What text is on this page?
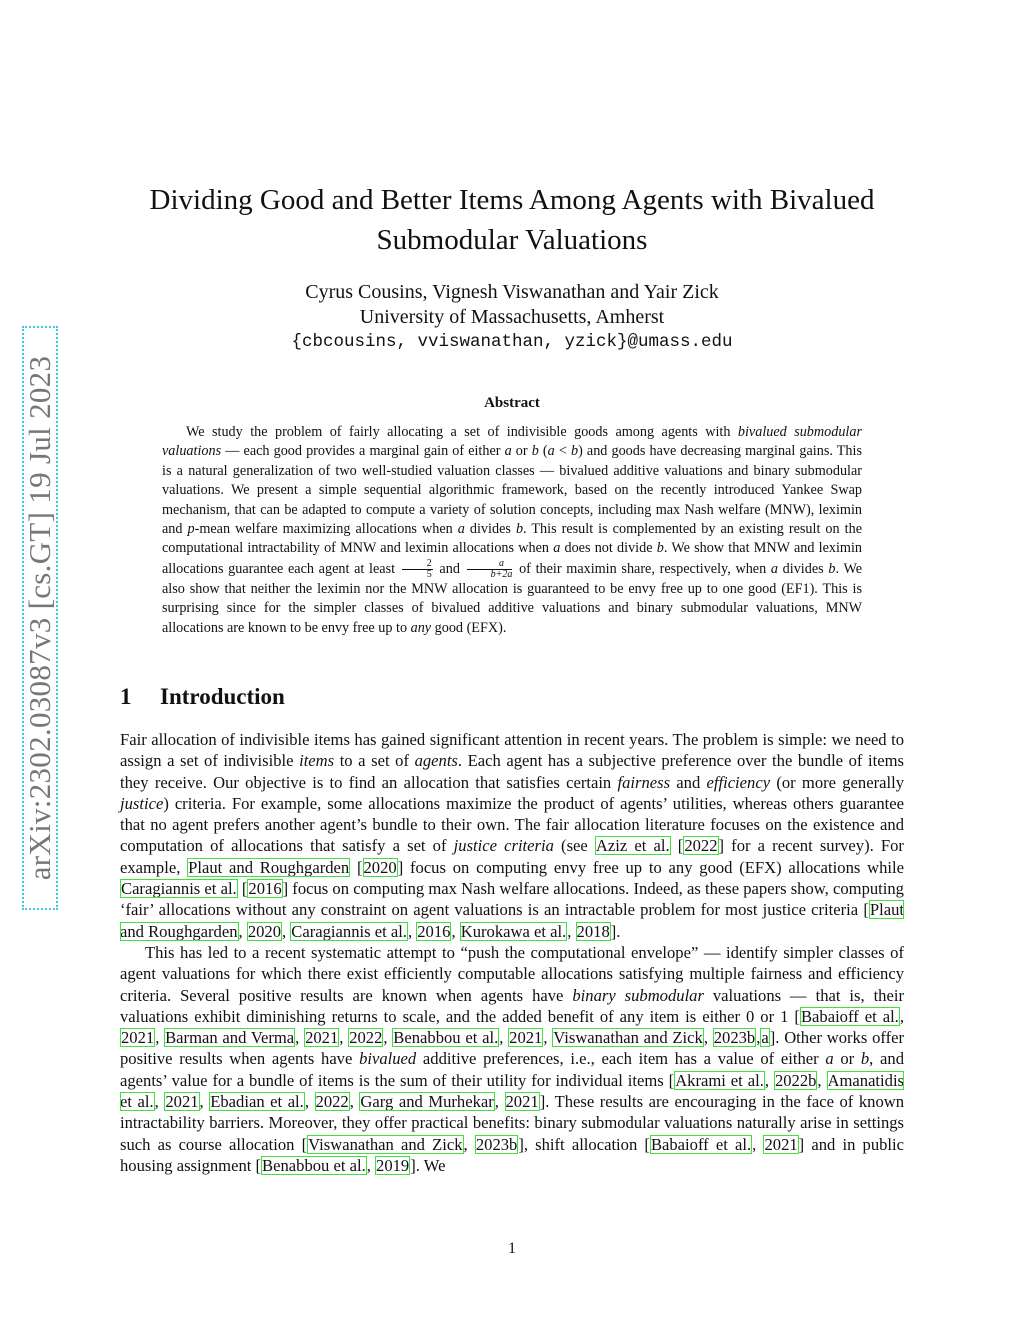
arXiv:2302.03087v3 [cs.GT] 19 Jul 2023
Dividing Good and Better Items Among Agents with Bivalued
Submodular Valuations
Cyrus Cousins, Vignesh Viswanathan and Yair Zick
University of Massachusetts, Amherst
{cbcousins, vviswanathan, yzick}@umass.edu
Abstract

We study the problem of fairly allocating a set of indivisible goods among agents with bivalued submodular valuations — each good provides a marginal gain of either a or b (a < b) and goods have decreasing marginal gains. This is a natural generalization of two well-studied valuation classes — bivalued additive valuations and binary submodular valuations. We present a simple sequential algorithmic framework, based on the recently introduced Yankee Swap mechanism, that can be adapted to compute a variety of solution concepts, including max Nash welfare (MNW), leximin and p-mean welfare maximizing allocations when a divides b. This result is complemented by an existing result on the computational intractability of MNW and leximin allocations when a does not divide b. We show that MNW and leximin allocations guarantee each agent at least $\frac{2}{5}$ and $\frac{a}{b+2a}$ of their maximin share, respectively, when a divides b. We also show that neither the leximin nor the MNW allocation is guaranteed to be envy free up to one good (EF1). This is surprising since for the simpler classes of bivalued additive valuations and binary submodular valuations, MNW allocations are known to be envy free up to any good (EFX).

1 Introduction

Fair allocation of indivisible items has gained significant attention in recent years. The problem is simple: we need to assign a set of indivisible items to a set of agents. Each agent has a subjective preference over the bundle of items they receive. Our objective is to find an allocation that satisfies certain fairness and efficiency (or more generally justice) criteria. For example, some allocations maximize the product of agents’ utilities, whereas others guarantee that no agent prefers another agent’s bundle to their own. The fair allocation literature focuses on the existence and computation of allocations that satisfy a set of justice criteria (see Aziz et al. [2022] for a recent survey). For example, Plaut and Roughgarden [2020] focus on computing envy free up to any good (EFX) allocations while Caragiannis et al. [2016] focus on computing max Nash welfare allocations. Indeed, as these papers show, computing ‘fair’ allocations without any constraint on agent valuations is an intractable problem for most justice criteria [Plaut and Roughgarden, 2020, Caragiannis et al., 2016, Kurokawa et al., 2018].

This has led to a recent systematic attempt to “push the computational envelope” — identify simpler classes of agent valuations for which there exist efficiently computable allocations satisfying multiple fairness and efficiency criteria. Several positive results are known when agents have binary submodular valuations — that is, their valuations exhibit diminishing returns to scale, and the added benefit of any item is either 0 or 1 [Babaioff et al., 2021, Barman and Verma, 2021, 2022, Benabbou et al., 2021, Viswanathan and Zick, 2023b,a]. Other works offer positive results when agents have bivalued additive preferences, i.e., each item has a value of either a or b, and agents’ value for a bundle of items is the sum of their utility for individual items [Akrami et al., 2022b, Amanatidis et al., 2021, Ebadian et al., 2022, Garg and Murhekar, 2021]. These results are encouraging in the face of known intractability barriers. Moreover, they offer practical benefits: binary submodular valuations naturally arise in settings such as course allocation [Viswanathan and Zick, 2023b], shift allocation [Babaioff et al., 2021] and in public housing assignment [Benabbou et al., 2019]. We

1
